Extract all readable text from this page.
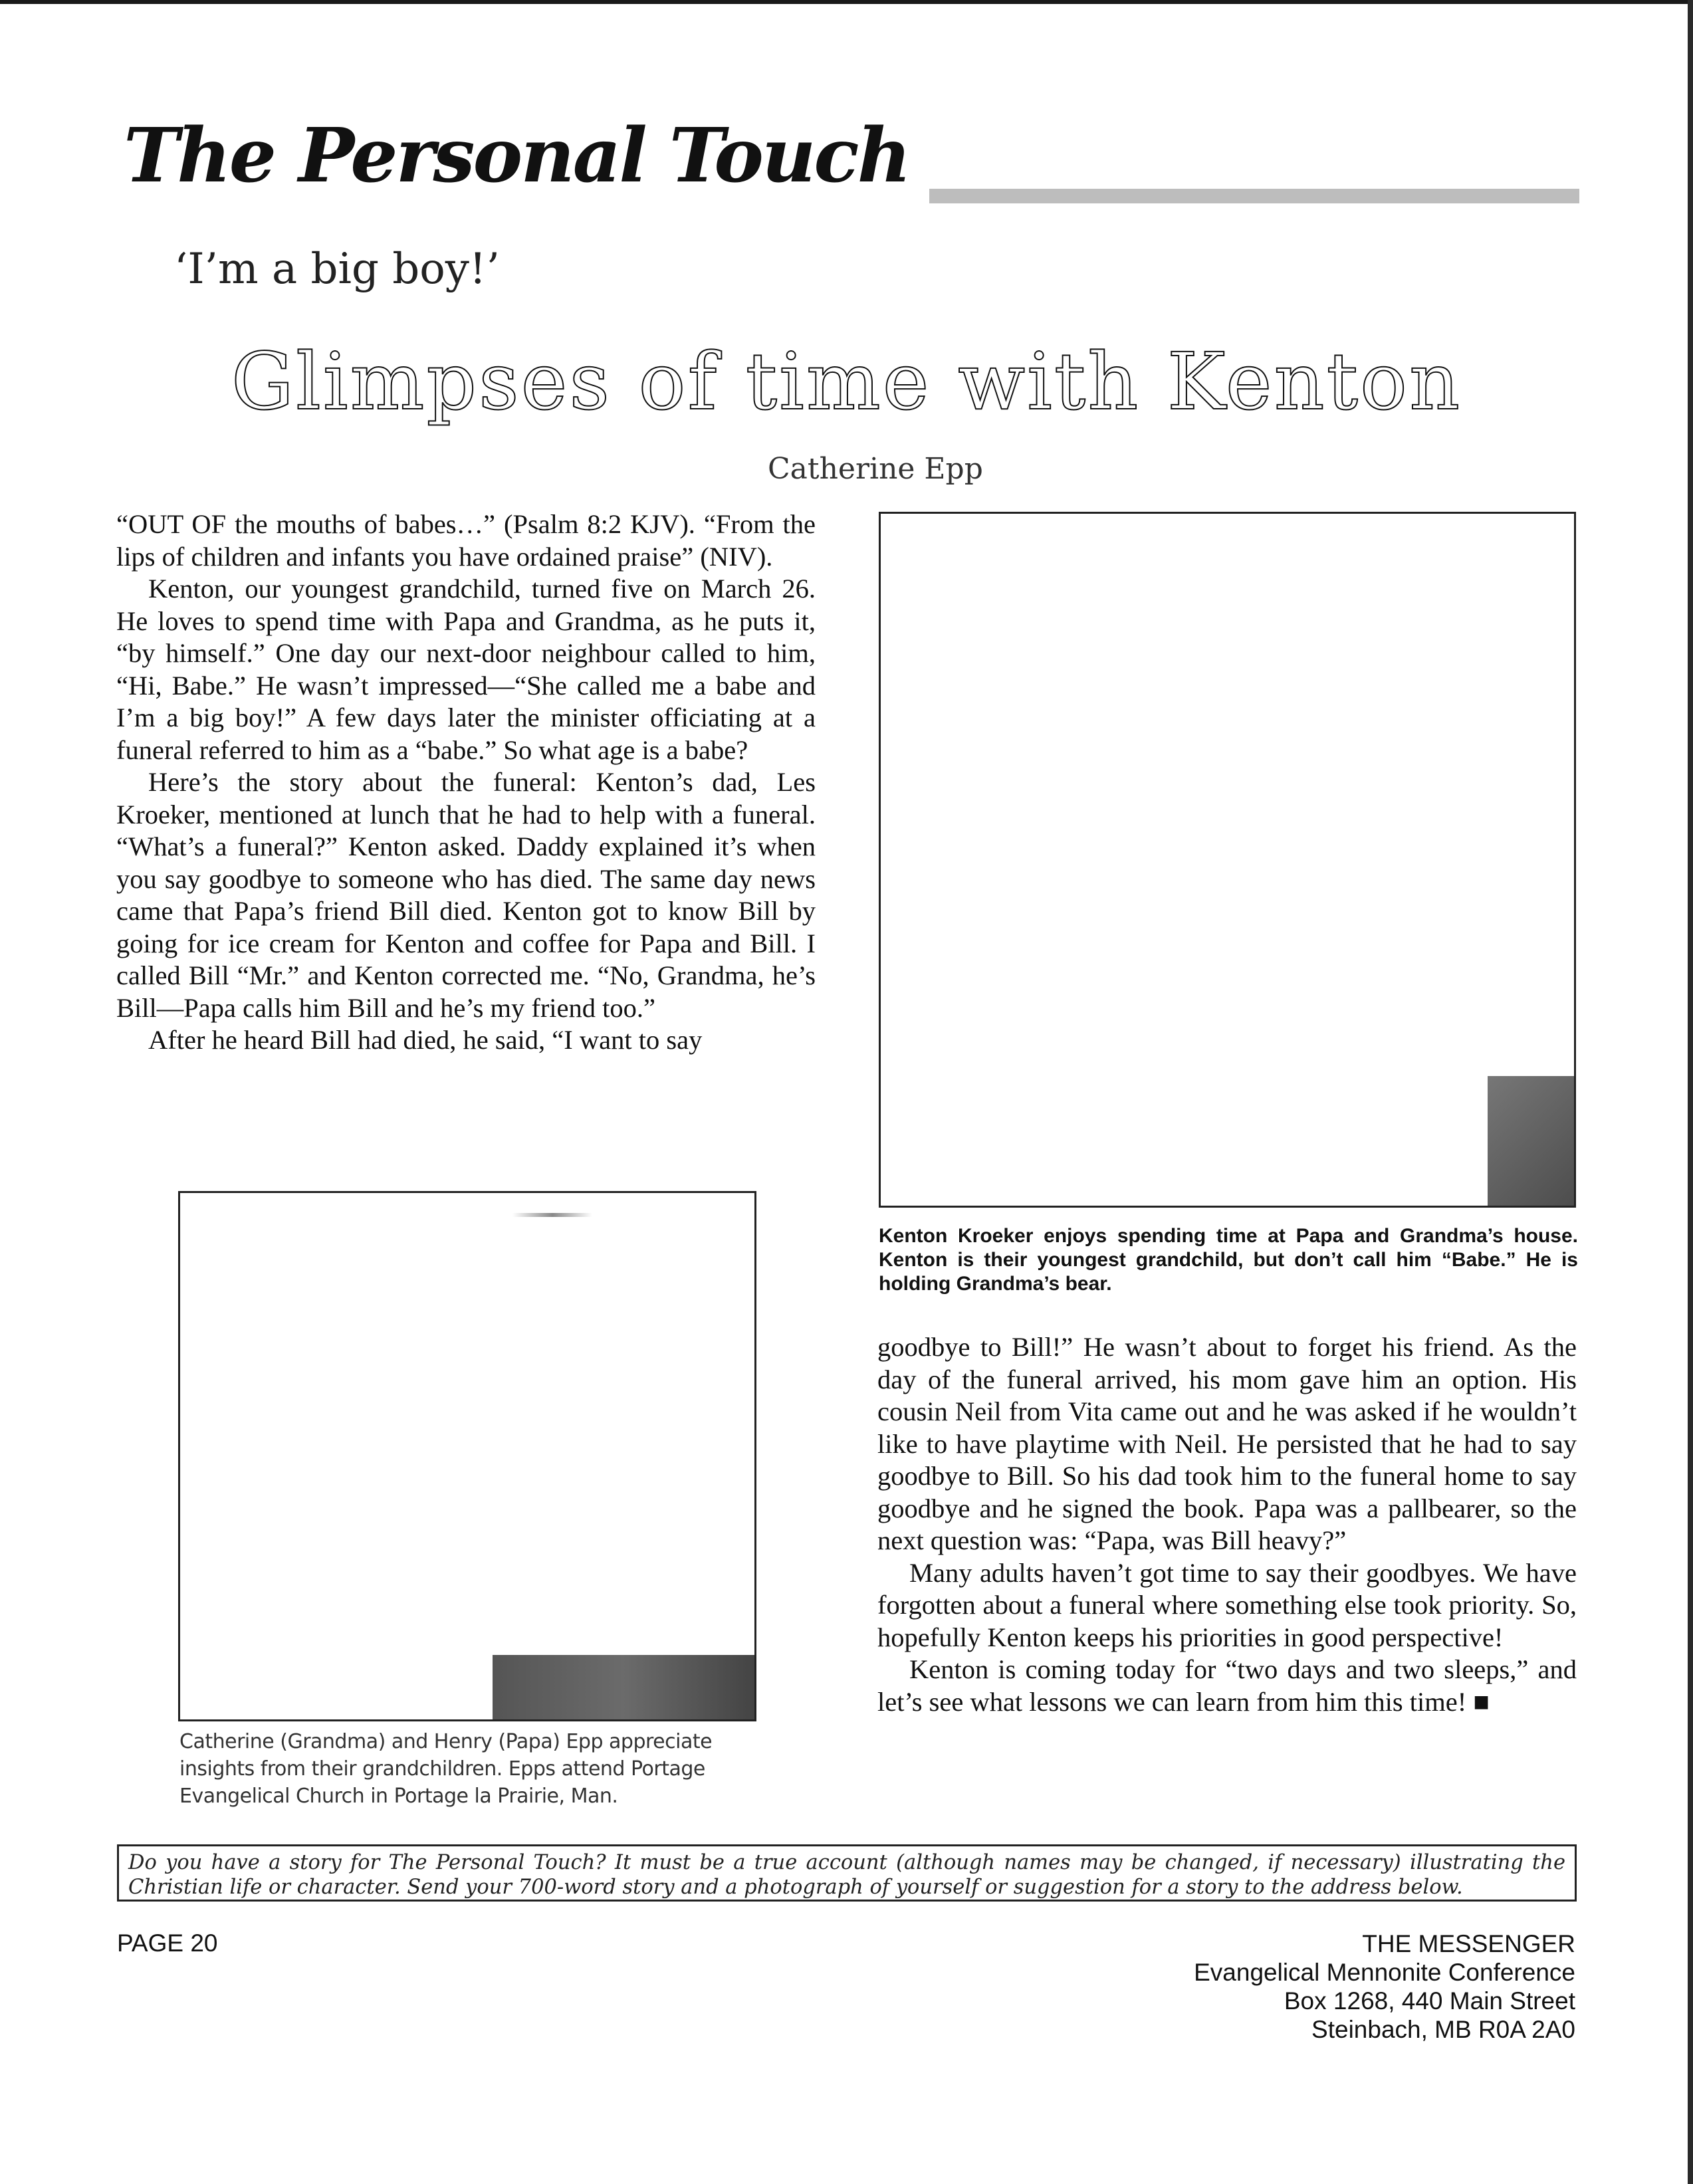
The Personal Touch
‘I’m a big boy!’
Glimpses of time with Kenton
Catherine Epp

“OUT OF the mouths of babes…” (Psalm 8:2 KJV). “From the lips of children and infants you have ordained praise” (NIV).

Kenton, our youngest grandchild, turned five on March 26. He loves to spend time with Papa and Grandma, as he puts it, “by himself.” One day our next-door neighbour called to him, “Hi, Babe.” He wasn’t impressed—“She called me a babe and I’m a big boy!” A few days later the minister officiating at a funeral referred to him as a “babe.” So what age is a babe?

Here’s the story about the funeral: Kenton’s dad, Les Kroeker, mentioned at lunch that he had to help with a funeral. “What’s a funeral?” Kenton asked. Daddy explained it’s when you say goodbye to someone who has died. The same day news came that Papa’s friend Bill died. Kenton got to know Bill by going for ice cream for Kenton and coffee for Papa and Bill. I called Bill “Mr.” and Kenton corrected me. “No, Grandma, he’s Bill—Papa calls him Bill and he’s my friend too.”

After he heard Bill had died, he said, “I want to say

Kenton Kroeker enjoys spending time at Papa and Grandma’s house. Kenton is their youngest grandchild, but don’t call him “Babe.” He is holding Grandma’s bear.

goodbye to Bill!” He wasn’t about to forget his friend. As the day of the funeral arrived, his mom gave him an option. His cousin Neil from Vita came out and he was asked if he wouldn’t like to have playtime with Neil. He persisted that he had to say goodbye to Bill. So his dad took him to the funeral home to say goodbye and he signed the book. Papa was a pallbearer, so the next question was: “Papa, was Bill heavy?”

Many adults haven’t got time to say their goodbyes. We have forgotten about a funeral where something else took priority. So, hopefully Kenton keeps his priorities in good perspective!

Kenton is coming today for “two days and two sleeps,” and let’s see what lessons we can learn from him this time! ■

Catherine (Grandma) and Henry (Papa) Epp appreciate insights from their grandchildren. Epps attend Portage Evangelical Church in Portage la Prairie, Man.
Do you have a story for The Personal Touch? It must be a true account (although names may be changed, if necessary) illustrating the Christian life or character. Send your 700-word story and a photograph of yourself or suggestion for a story to the address below.
PAGE 20	THE MESSENGER
Evangelical Mennonite Conference
Box 1268, 440 Main Street
Steinbach, MB R0A 2A0
